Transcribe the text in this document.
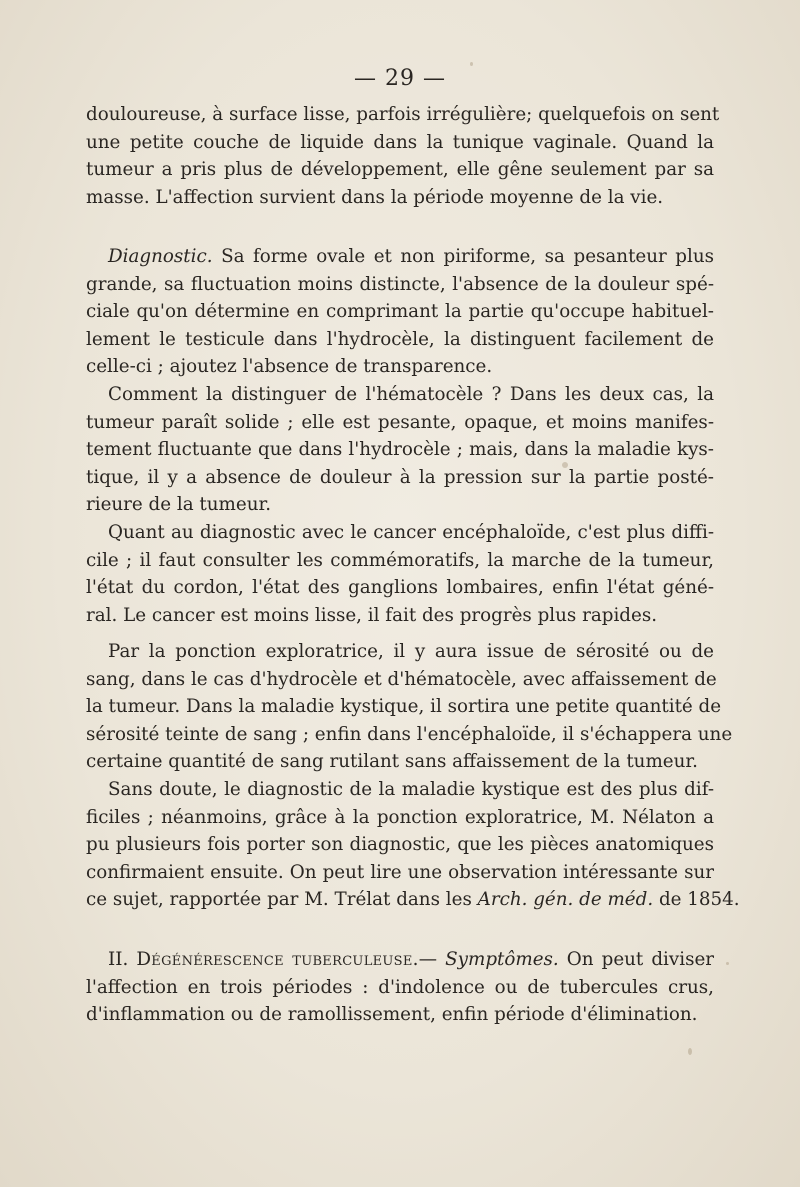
— 29 —
douloureuse, à surface lisse, parfois irrégulière; quelquefois on sent
une petite couche de liquide dans la tunique vaginale. Quand la
tumeur a pris plus de développement, elle gêne seulement par sa
masse. L'affection survient dans la période moyenne de la vie.
Diagnostic. Sa forme ovale et non piriforme, sa pesanteur plus
grande, sa fluctuation moins distincte, l'absence de la douleur spé-
ciale qu'on détermine en comprimant la partie qu'occupe habituel-
lement le testicule dans l'hydrocèle, la distinguent facilement de
celle-ci ; ajoutez l'absence de transparence.
Comment la distinguer de l'hématocèle ? Dans les deux cas, la
tumeur paraît solide ; elle est pesante, opaque, et moins manifes-
tement fluctuante que dans l'hydrocèle ; mais, dans la maladie kys-
tique, il y a absence de douleur à la pression sur la partie posté-
rieure de la tumeur.
Quant au diagnostic avec le cancer encéphaloïde, c'est plus diffi-
cile ; il faut consulter les commémoratifs, la marche de la tumeur,
l'état du cordon, l'état des ganglions lombaires, enfin l'état géné-
ral. Le cancer est moins lisse, il fait des progrès plus rapides.
Par la ponction exploratrice, il y aura issue de sérosité ou de
sang, dans le cas d'hydrocèle et d'hématocèle, avec affaissement de
la tumeur. Dans la maladie kystique, il sortira une petite quantité de
sérosité teinte de sang ; enfin dans l'encéphaloïde, il s'échappera une
certaine quantité de sang rutilant sans affaissement de la tumeur.
Sans doute, le diagnostic de la maladie kystique est des plus dif-
ficiles ; néanmoins, grâce à la ponction exploratrice, M. Nélaton a
pu plusieurs fois porter son diagnostic, que les pièces anatomiques
confirmaient ensuite. On peut lire une observation intéressante sur
ce sujet, rapportée par M. Trélat dans les Arch. gén. de méd. de 1854.
II. Dégénérescence tuberculeuse.— Symptômes. On peut diviser
l'affection en trois périodes : d'indolence ou de tubercules crus,
d'inflammation ou de ramollissement, enfin période d'élimination.
